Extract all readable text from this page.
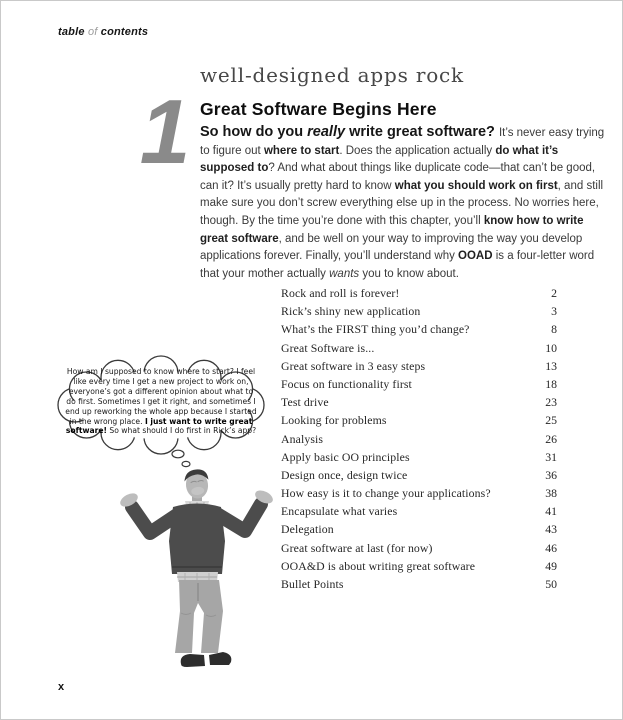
table of contents
well-designed apps rock
1 Great Software Begins Here

So how do you really write great software? It’s never easy trying to figure out where to start. Does the application actually do what it’s supposed to? And what about things like duplicate code—that can’t be good, can it? It’s usually pretty hard to know what you should work on first, and still make sure you don’t screw everything else up in the process. No worries here, though. By the time you’re done with this chapter, you’ll know how to write great software, and be well on your way to improving the way you develop applications forever. Finally, you’ll understand why OOAD is a four-letter word that your mother actually wants you to know about.

Rock and roll is forever!	2
Rick’s shiny new application	3
What’s the FIRST thing you’d change?	8
Great Software is...	10
Great software in 3 easy steps	13
Focus on functionality first	18
Test drive	23
Looking for problems	25
Analysis	26
Apply basic OO principles	31
Design once, design twice	36
How easy is it to change your applications?	38
Encapsulate what varies	41
Delegation	43
Great software at last (for now)	46
OOA&D is about writing great software	49
Bullet Points	50
How am I supposed to know where to start? I feel like every time I get a new project to work on, everyone’s got a different opinion about what to do first. Sometimes I get it right, and sometimes I end up reworking the whole app because I started in the wrong place. I just want to write great software! So what should I do first in Rick’s app?
x
